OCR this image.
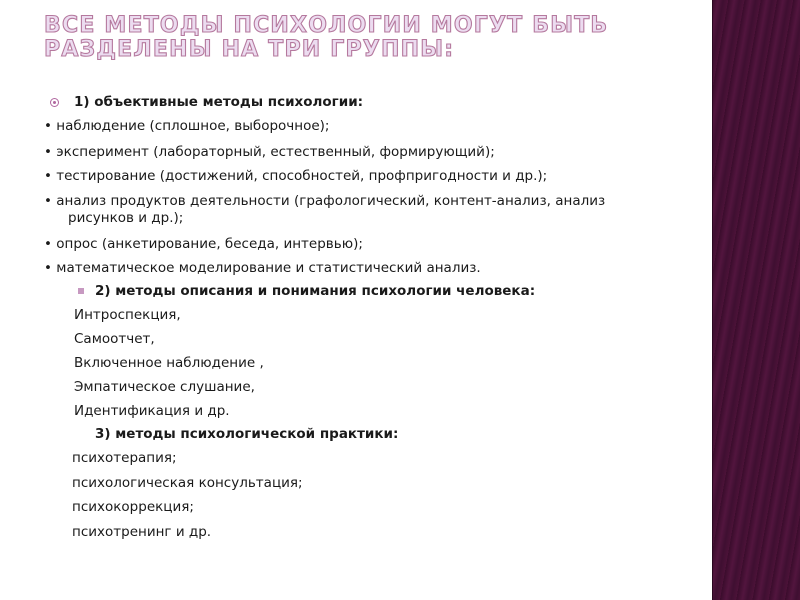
ВСЕ МЕТОДЫ ПСИХОЛОГИИ МОГУТ БЫТЬ РАЗДЕЛЕНЫ НА ТРИ ГРУППЫ:
1) объективные методы психологии:
• наблюдение (сплошное, выборочное);
• эксперимент (лабораторный, естественный, формирующий);
• тестирование (достижений, способностей, профпригодности и др.);
• анализ продуктов деятельности (графологический, контент-анализ, анализ
рисунков и др.);
• опрос (анкетирование, беседа, интервью);
• математическое моделирование и статистический анализ.
2) методы описания и понимания психологии человека:
Интроспекция,
Самоотчет,
Включенное наблюдение ,
Эмпатическое слушание,
Идентификация и др.
3) методы психологической практики:
психотерапия;
психологическая консультация;
психокоррекция;
психотренинг и др.
